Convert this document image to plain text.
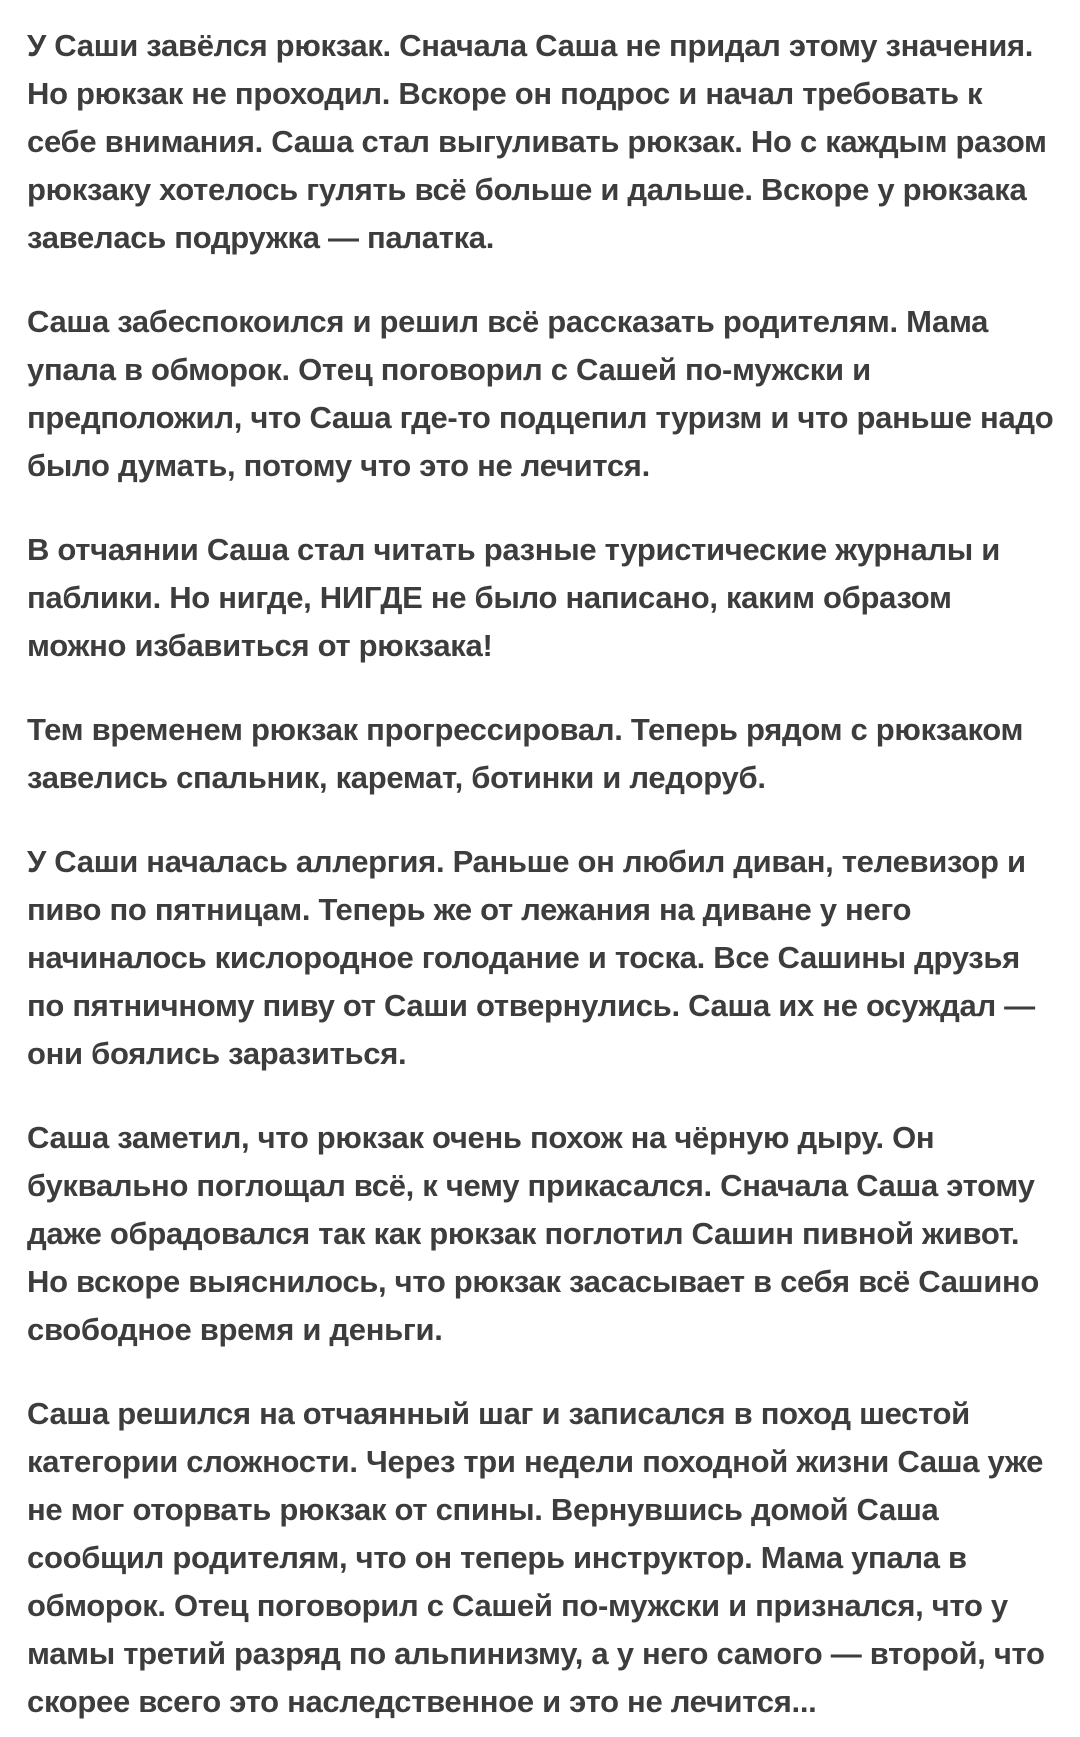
У Саши завёлся рюкзак. Сначала Саша не придал этому значения. Но рюкзак не проходил. Вскоре он подрос и начал требовать к себе внимания. Саша стал выгуливать рюкзак. Но с каждым разом рюкзаку хотелось гулять всё больше и дальше. Вскоре у рюкзака завелась подружка — палатка.

Саша забеспокоился и решил всё рассказать родителям. Мама упала в обморок. Отец поговорил с Сашей по-мужски и предположил, что Саша где-то подцепил туризм и что раньше надо было думать, потому что это не лечится.

В отчаянии Саша стал читать разные туристические журналы и паблики. Но нигде, НИГДЕ не было написано, каким образом можно избавиться от рюкзака!

Тем временем рюкзак прогрессировал. Теперь рядом с рюкзаком завелись спальник, каремат, ботинки и ледоруб.

У Саши началась аллергия. Раньше он любил диван, телевизор и пиво по пятницам. Теперь же от лежания на диване у него начиналось кислородное голодание и тоска. Все Сашины друзья по пятничному пиву от Саши отвернулись. Саша их не осуждал — они боялись заразиться.

Саша заметил, что рюкзак очень похож на чёрную дыру. Он буквально поглощал всё, к чему прикасался. Сначала Саша этому даже обрадовался так как рюкзак поглотил Сашин пивной живот. Но вскоре выяснилось, что рюкзак засасывает в себя всё Сашино свободное время и деньги.

Саша решился на отчаянный шаг и записался в поход шестой категории сложности. Через три недели походной жизни Саша уже не мог оторвать рюкзак от спины. Вернувшись домой Саша сообщил родителям, что он теперь инструктор. Мама упала в обморок. Отец поговорил с Сашей по-мужски и признался, что у мамы третий разряд по альпинизму, а у него самого — второй, что скорее всего это наследственное и это не лечится...
